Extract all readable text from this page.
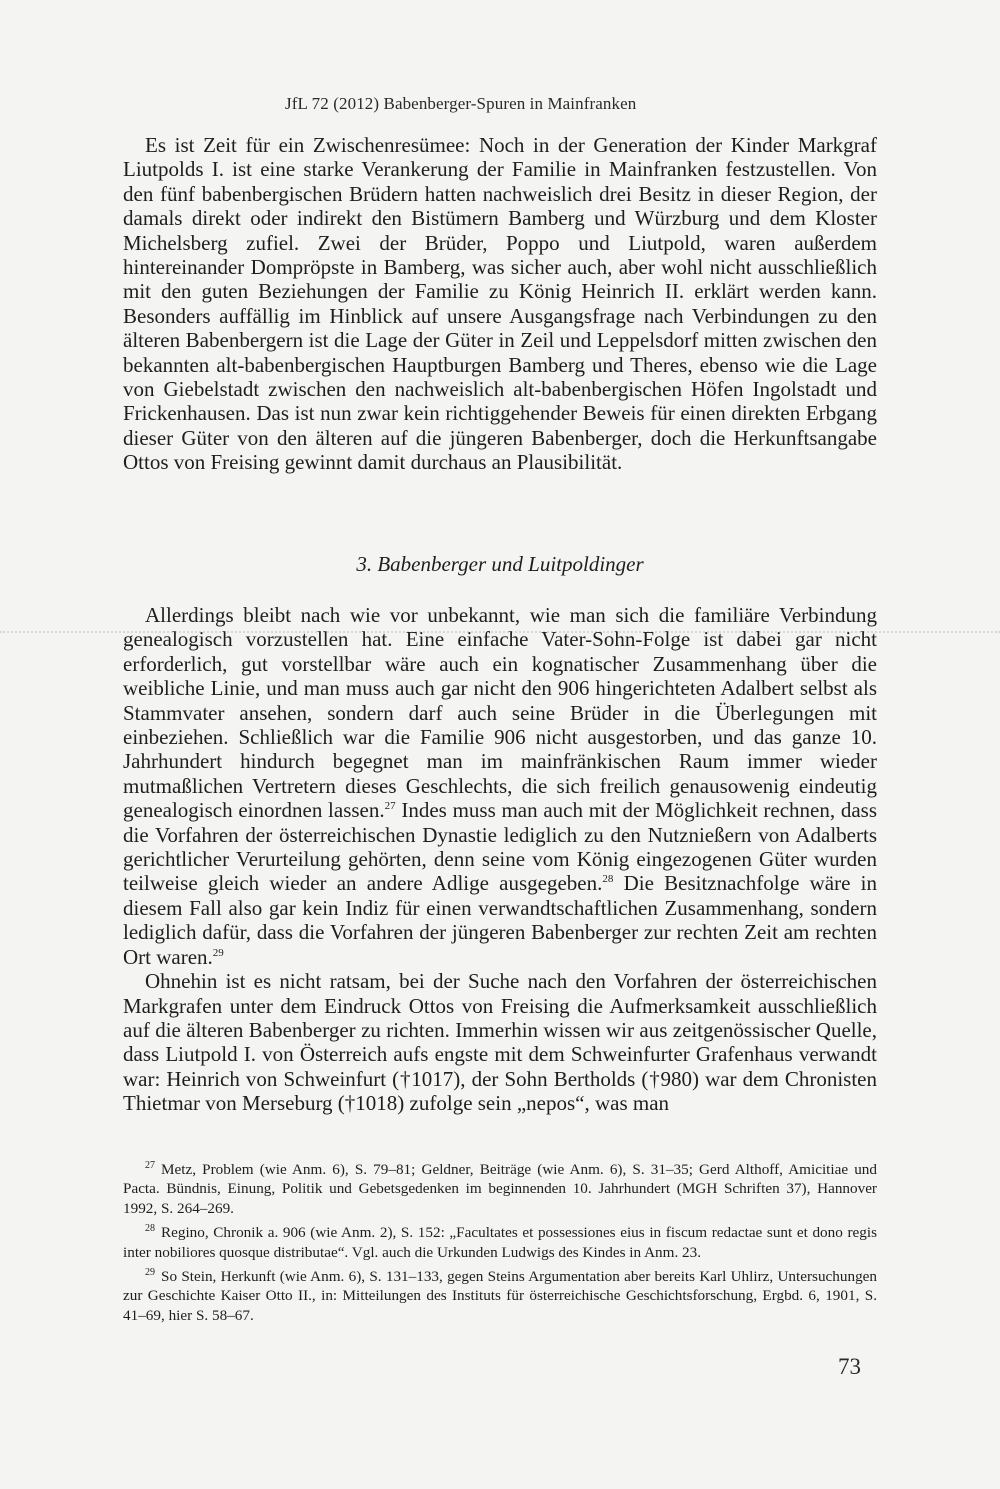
JfL 72 (2012) Babenberger-Spuren in Mainfranken

Es ist Zeit für ein Zwischenresümee: Noch in der Generation der Kinder Markgraf Liutpolds I. ist eine starke Verankerung der Familie in Mainfranken festzustellen. Von den fünf babenbergischen Brüdern hatten nachweislich drei Besitz in dieser Region, der damals direkt oder indirekt den Bistümern Bamberg und Würzburg und dem Kloster Michelsberg zufiel. Zwei der Brüder, Poppo und Liutpold, waren außerdem hintereinander Dompröpste in Bamberg, was sicher auch, aber wohl nicht ausschließlich mit den guten Beziehungen der Familie zu König Heinrich II. erklärt werden kann. Besonders auffällig im Hinblick auf unsere Ausgangsfrage nach Verbindungen zu den älteren Babenbergern ist die Lage der Güter in Zeil und Leppelsdorf mitten zwischen den bekannten alt-babenbergischen Hauptburgen Bamberg und Theres, ebenso wie die Lage von Giebelstadt zwischen den nachweislich alt-babenbergischen Höfen Ingolstadt und Frickenhausen. Das ist nun zwar kein richtiggehender Beweis für einen direkten Erbgang dieser Güter von den älteren auf die jüngeren Babenberger, doch die Herkunftsangabe Ottos von Freising gewinnt damit durchaus an Plausibilität.

3. Babenberger und Luitpoldinger

Allerdings bleibt nach wie vor unbekannt, wie man sich die familiäre Verbindung genealogisch vorzustellen hat. Eine einfache Vater-Sohn-Folge ist dabei gar nicht erforderlich, gut vorstellbar wäre auch ein kognatischer Zusammenhang über die weibliche Linie, und man muss auch gar nicht den 906 hingerichteten Adalbert selbst als Stammvater ansehen, sondern darf auch seine Brüder in die Überlegungen mit einbeziehen. Schließlich war die Familie 906 nicht ausgestorben, und das ganze 10. Jahrhundert hindurch begegnet man im mainfränkischen Raum immer wieder mutmaßlichen Vertretern dieses Geschlechts, die sich freilich genausowenig eindeutig genealogisch einordnen lassen.$^{27}$ Indes muss man auch mit der Möglichkeit rechnen, dass die Vorfahren der österreichischen Dynastie lediglich zu den Nutznießern von Adalberts gerichtlicher Verurteilung gehörten, denn seine vom König eingezogenen Güter wurden teilweise gleich wieder an andere Adlige ausgegeben.$^{28}$ Die Besitznachfolge wäre in diesem Fall also gar kein Indiz für einen verwandtschaftlichen Zusammenhang, sondern lediglich dafür, dass die Vorfahren der jüngeren Babenberger zur rechten Zeit am rechten Ort waren.$^{29}$

Ohnehin ist es nicht ratsam, bei der Suche nach den Vorfahren der österreichischen Markgrafen unter dem Eindruck Ottos von Freising die Aufmerksamkeit ausschließlich auf die älteren Babenberger zu richten. Immerhin wissen wir aus zeitgenössischer Quelle, dass Liutpold I. von Österreich aufs engste mit dem Schweinfurter Grafenhaus verwandt war: Heinrich von Schweinfurt (†1017), der Sohn Bertholds (†980) war dem Chronisten Thietmar von Merseburg (†1018) zufolge sein „nepos“, was man

$^{27}$ Metz, Problem (wie Anm. 6), S. 79–81; Geldner, Beiträge (wie Anm. 6), S. 31–35; Gerd Althoff, Amicitiae und Pacta. Bündnis, Einung, Politik und Gebetsgedenken im beginnenden 10. Jahrhundert (MGH Schriften 37), Hannover 1992, S. 264–269.

$^{28}$ Regino, Chronik a. 906 (wie Anm. 2), S. 152: „Facultates et possessiones eius in fiscum redactae sunt et dono regis inter nobiliores quosque distributae“. Vgl. auch die Urkunden Ludwigs des Kindes in Anm. 23.

$^{29}$ So Stein, Herkunft (wie Anm. 6), S. 131–133, gegen Steins Argumentation aber bereits Karl Uhlirz, Untersuchungen zur Geschichte Kaiser Otto II., in: Mitteilungen des Instituts für österreichische Geschichtsforschung, Ergbd. 6, 1901, S. 41–69, hier S. 58–67.

73
